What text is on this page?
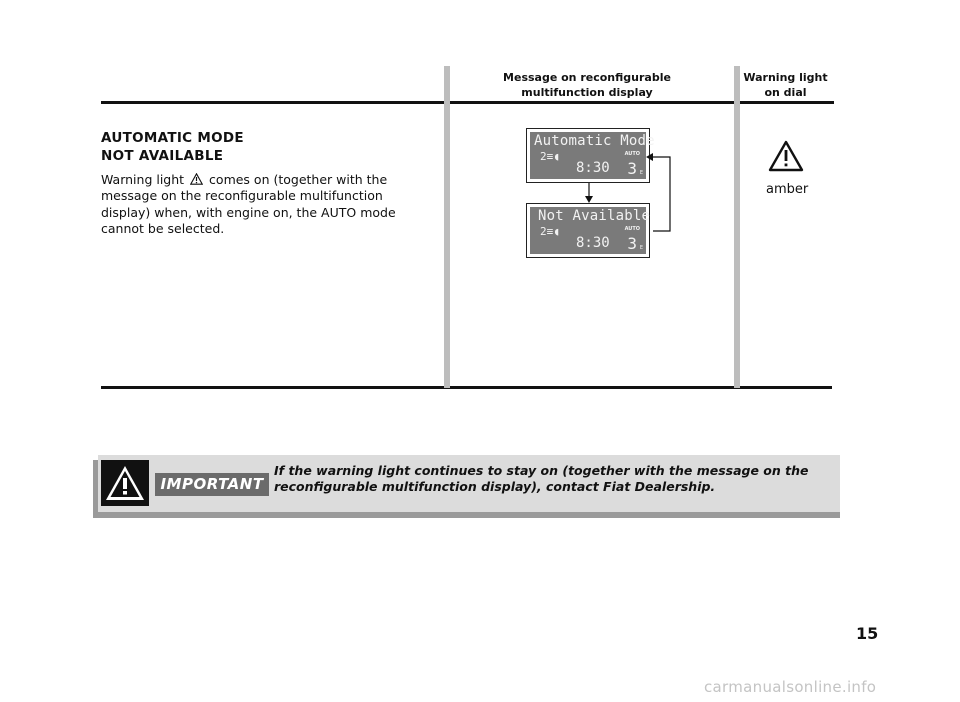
Message on reconfigurable multifunction display
Warning light on dial
AUTOMATIC MODE
NOT AVAILABLE
Warning light comes on (together with the message on the reconfigurable multifunction display) when, with engine on, the AUTO mode cannot be selected.
Automatic Mode
2≡◖	AUTO
8:30 3 E
Not Available
2≡◖	AUTO
8:30 3 E
amber
IMPORTANT
If the warning light continues to stay on (together with the message on the reconfigurable multifunction display), contact Fiat Dealership.
15
carmanualsonline.info
